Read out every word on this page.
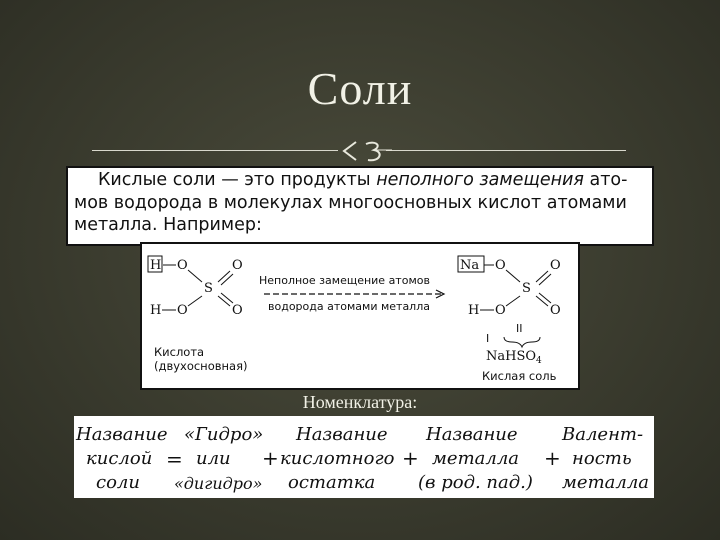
Соли
Кислые соли — это продукты неполного замещения ато-
мов водорода в молекулах многоосновных кислот атомами
металла. Например:
H O
S
O
H O	O
Неполное замещение атомов
водорода атомами металла
Na O
S
O
H O	O
I
II
NaHSO$_4$
Кислота
(двухосновная)
Кислая соль
Номенклатура:
Название
кислой
соли
=
«Гидро»
или
«дигидро»
+
Название
кислотного
остатка
+
Название
металла
(в род. пад.)
+
Валент-
ность
металла
